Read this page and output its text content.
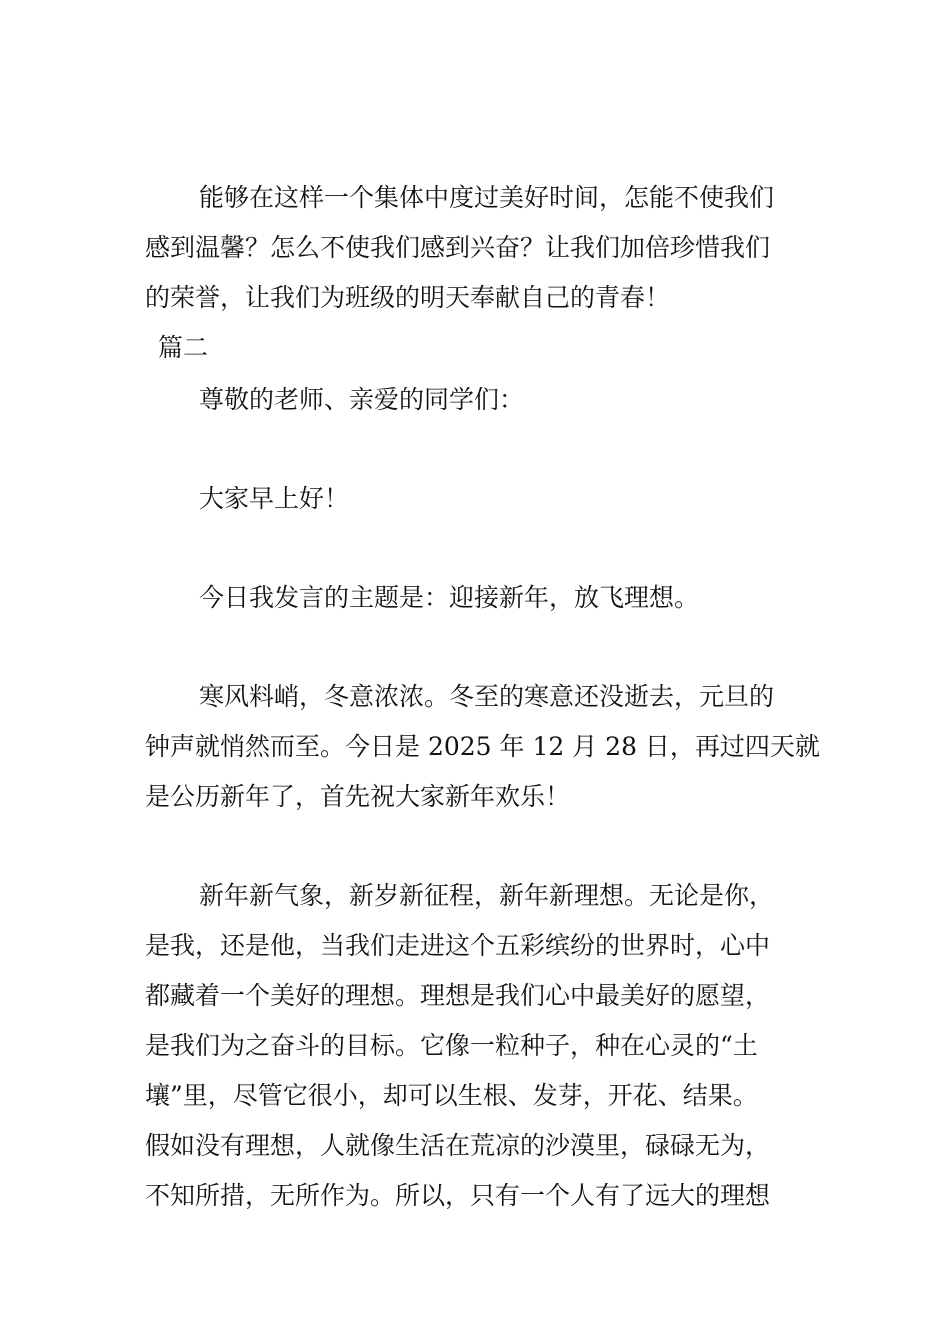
能够在这样一个集体中度过美好时间，怎能不使我们

感到温馨？怎么不使我们感到兴奋？让我们加倍珍惜我们

的荣誉，让我们为班级的明天奉献自己的青春！

篇二

尊敬的老师、亲爱的同学们：

大家早上好！

今日我发言的主题是：迎接新年，放飞理想。

寒风料峭，冬意浓浓。冬至的寒意还没逝去，元旦的

钟声就悄然而至。今日是 2025 年 12 月 28 日，再过四天就

是公历新年了，首先祝大家新年欢乐！

新年新气象，新岁新征程，新年新理想。无论是你，

是我，还是他，当我们走进这个五彩缤纷的世界时，心中

都藏着一个美好的理想。理想是我们心中最美好的愿望，

是我们为之奋斗的目标。它像一粒种子，种在心灵的“土

壤”里，尽管它很小，却可以生根、发芽，开花、结果。

假如没有理想，人就像生活在荒凉的沙漠里，碌碌无为，

不知所措，无所作为。所以，只有一个人有了远大的理想
